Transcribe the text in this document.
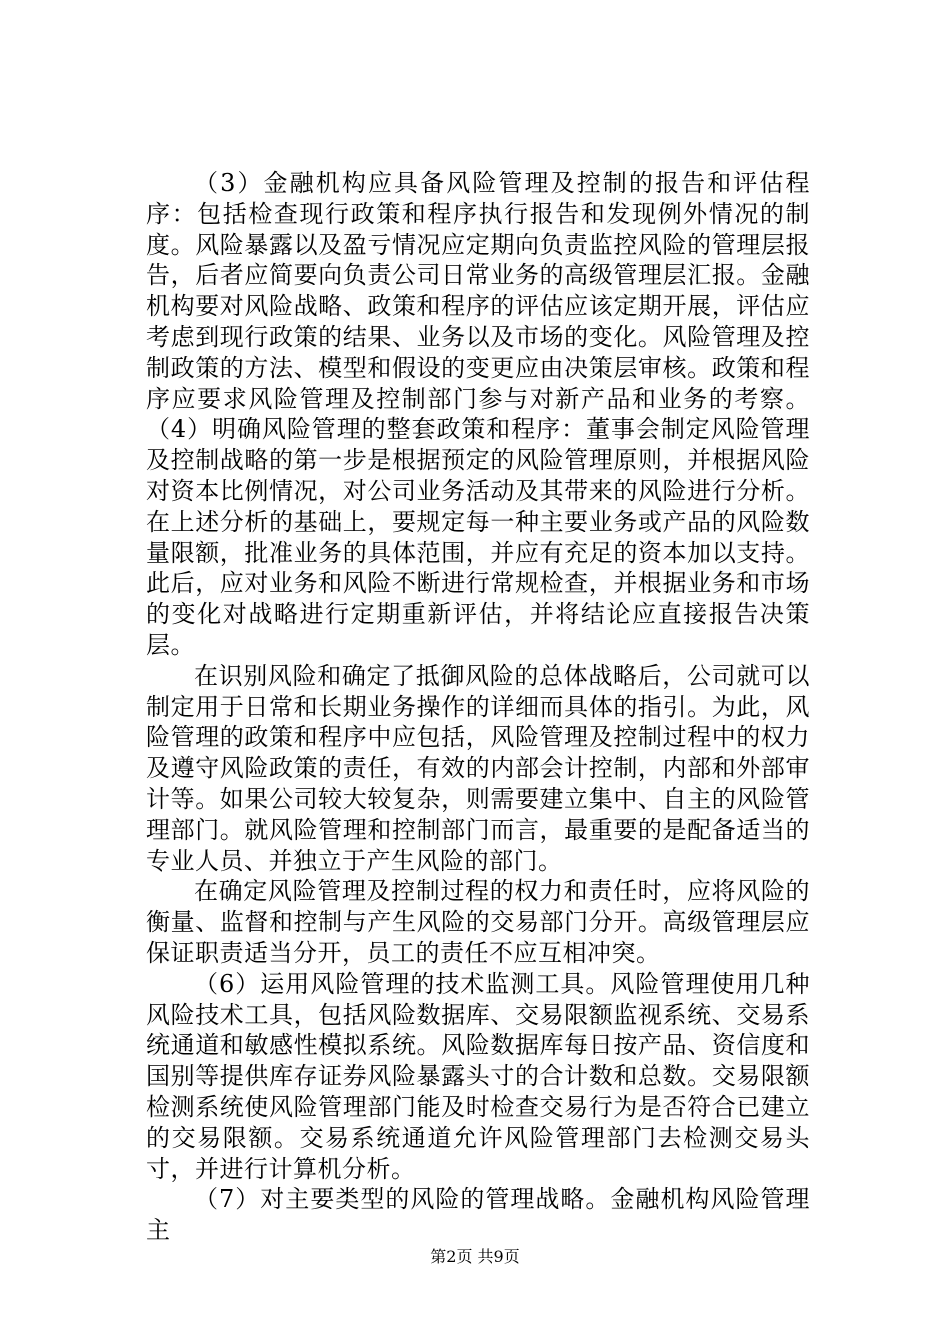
（3）金融机构应具备风险管理及控制的报告和评估程序：包括检查现行政策和程序执行报告和发现例外情况的制度。风险暴露以及盈亏情况应定期向负责监控风险的管理层报告，后者应简要向负责公司日常业务的高级管理层汇报。金融机构要对风险战略、政策和程序的评估应该定期开展，评估应考虑到现行政策的结果、业务以及市场的变化。风险管理及控制政策的方法、模型和假设的变更应由决策层审核。政策和程序应要求风险管理及控制部门参与对新产品和业务的考察。（4）明确风险管理的整套政策和程序：董事会制定风险管理及控制战略的第一步是根据预定的风险管理原则，并根据风险对资本比例情况，对公司业务活动及其带来的风险进行分析。在上述分析的基础上，要规定每一种主要业务或产品的风险数量限额，批准业务的具体范围，并应有充足的资本加以支持。此后，应对业务和风险不断进行常规检查，并根据业务和市场的变化对战略进行定期重新评估，并将结论应直接报告决策层。

在识别风险和确定了抵御风险的总体战略后，公司就可以制定用于日常和长期业务操作的详细而具体的指引。为此，风险管理的政策和程序中应包括，风险管理及控制过程中的权力及遵守风险政策的责任，有效的内部会计控制，内部和外部审计等。如果公司较大较复杂，则需要建立集中、自主的风险管理部门。就风险管理和控制部门而言，最重要的是配备适当的专业人员、并独立于产生风险的部门。

在确定风险管理及控制过程的权力和责任时，应将风险的衡量、监督和控制与产生风险的交易部门分开。高级管理层应保证职责适当分开，员工的责任不应互相冲突。

（6）运用风险管理的技术监测工具。风险管理使用几种风险技术工具，包括风险数据库、交易限额监视系统、交易系统通道和敏感性模拟系统。风险数据库每日按产品、资信度和国别等提供库存证券风险暴露头寸的合计数和总数。交易限额检测系统使风险管理部门能及时检查交易行为是否符合已建立的交易限额。交易系统通道允许风险管理部门去检测交易头寸，并进行计算机分析。

（7）对主要类型的风险的管理战略。金融机构风险管理主

第2页 共9页
